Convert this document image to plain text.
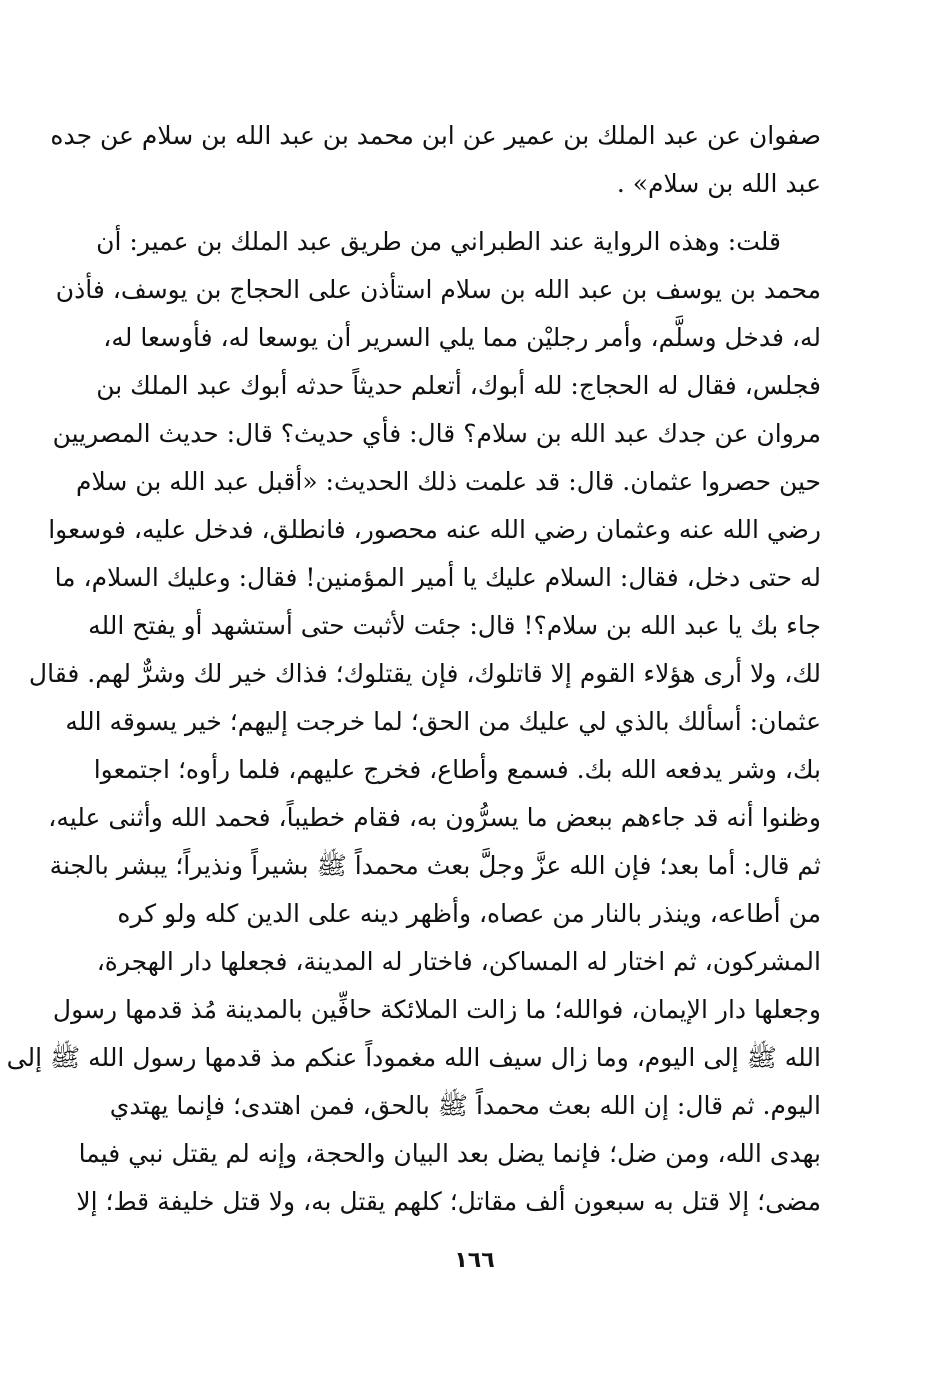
صفوان عن عبد الملك بن عمير عن ابن محمد بن عبد الله بن سلام عن جده
عبد الله بن سلام» .
قلت: وهذه الرواية عند الطبراني من طريق عبد الملك بن عمير: أن
محمد بن يوسف بن عبد الله بن سلام استأذن على الحجاج بن يوسف، فأذن
له، فدخل وسلَّم، وأمر رجليْن مما يلي السرير أن يوسعا له، فأوسعا له،
فجلس، فقال له الحجاج: لله أبوك، أتعلم حديثاً حدثه أبوك عبد الملك بن
مروان عن جدك عبد الله بن سلام؟ قال: فأي حديث؟ قال: حديث المصريين
حين حصروا عثمان. قال: قد علمت ذلك الحديث: «أقبل عبد الله بن سلام
رضي الله عنه وعثمان رضي الله عنه محصور، فانطلق، فدخل عليه، فوسعوا
له حتى دخل، فقال: السلام عليك يا أمير المؤمنين! فقال: وعليك السلام، ما
جاء بك يا عبد الله بن سلام؟! قال: جئت لأثبت حتى أستشهد أو يفتح الله
لك، ولا أرى هؤلاء القوم إلا قاتلوك، فإن يقتلوك؛ فذاك خير لك وشرٌّ لهم. فقال
عثمان: أسألك بالذي لي عليك من الحق؛ لما خرجت إليهم؛ خير يسوقه الله
بك، وشر يدفعه الله بك. فسمع وأطاع، فخرج عليهم، فلما رأوه؛ اجتمعوا
وظنوا أنه قد جاءهم ببعض ما يسرُّون به، فقام خطيباً، فحمد الله وأثنى عليه،
ثم قال: أما بعد؛ فإن الله عزَّ وجلَّ بعث محمداً ﷺ بشيراً ونذيراً؛ يبشر بالجنة
من أطاعه، وينذر بالنار من عصاه، وأظهر دينه على الدين كله ولو كره
المشركون، ثم اختار له المساكن، فاختار له المدينة، فجعلها دار الهجرة،
وجعلها دار الإيمان، فوالله؛ ما زالت الملائكة حافِّين بالمدينة مُذ قدمها رسول
الله ﷺ إلى اليوم، وما زال سيف الله مغموداً عنكم مذ قدمها رسول الله ﷺ إلى
اليوم. ثم قال: إن الله بعث محمداً ﷺ بالحق، فمن اهتدى؛ فإنما يهتدي
بهدى الله، ومن ضل؛ فإنما يضل بعد البيان والحجة، وإنه لم يقتل نبي فيما
مضى؛ إلا قتل به سبعون ألف مقاتل؛ كلهم يقتل به، ولا قتل خليفة قط؛ إلا
١٦٦
